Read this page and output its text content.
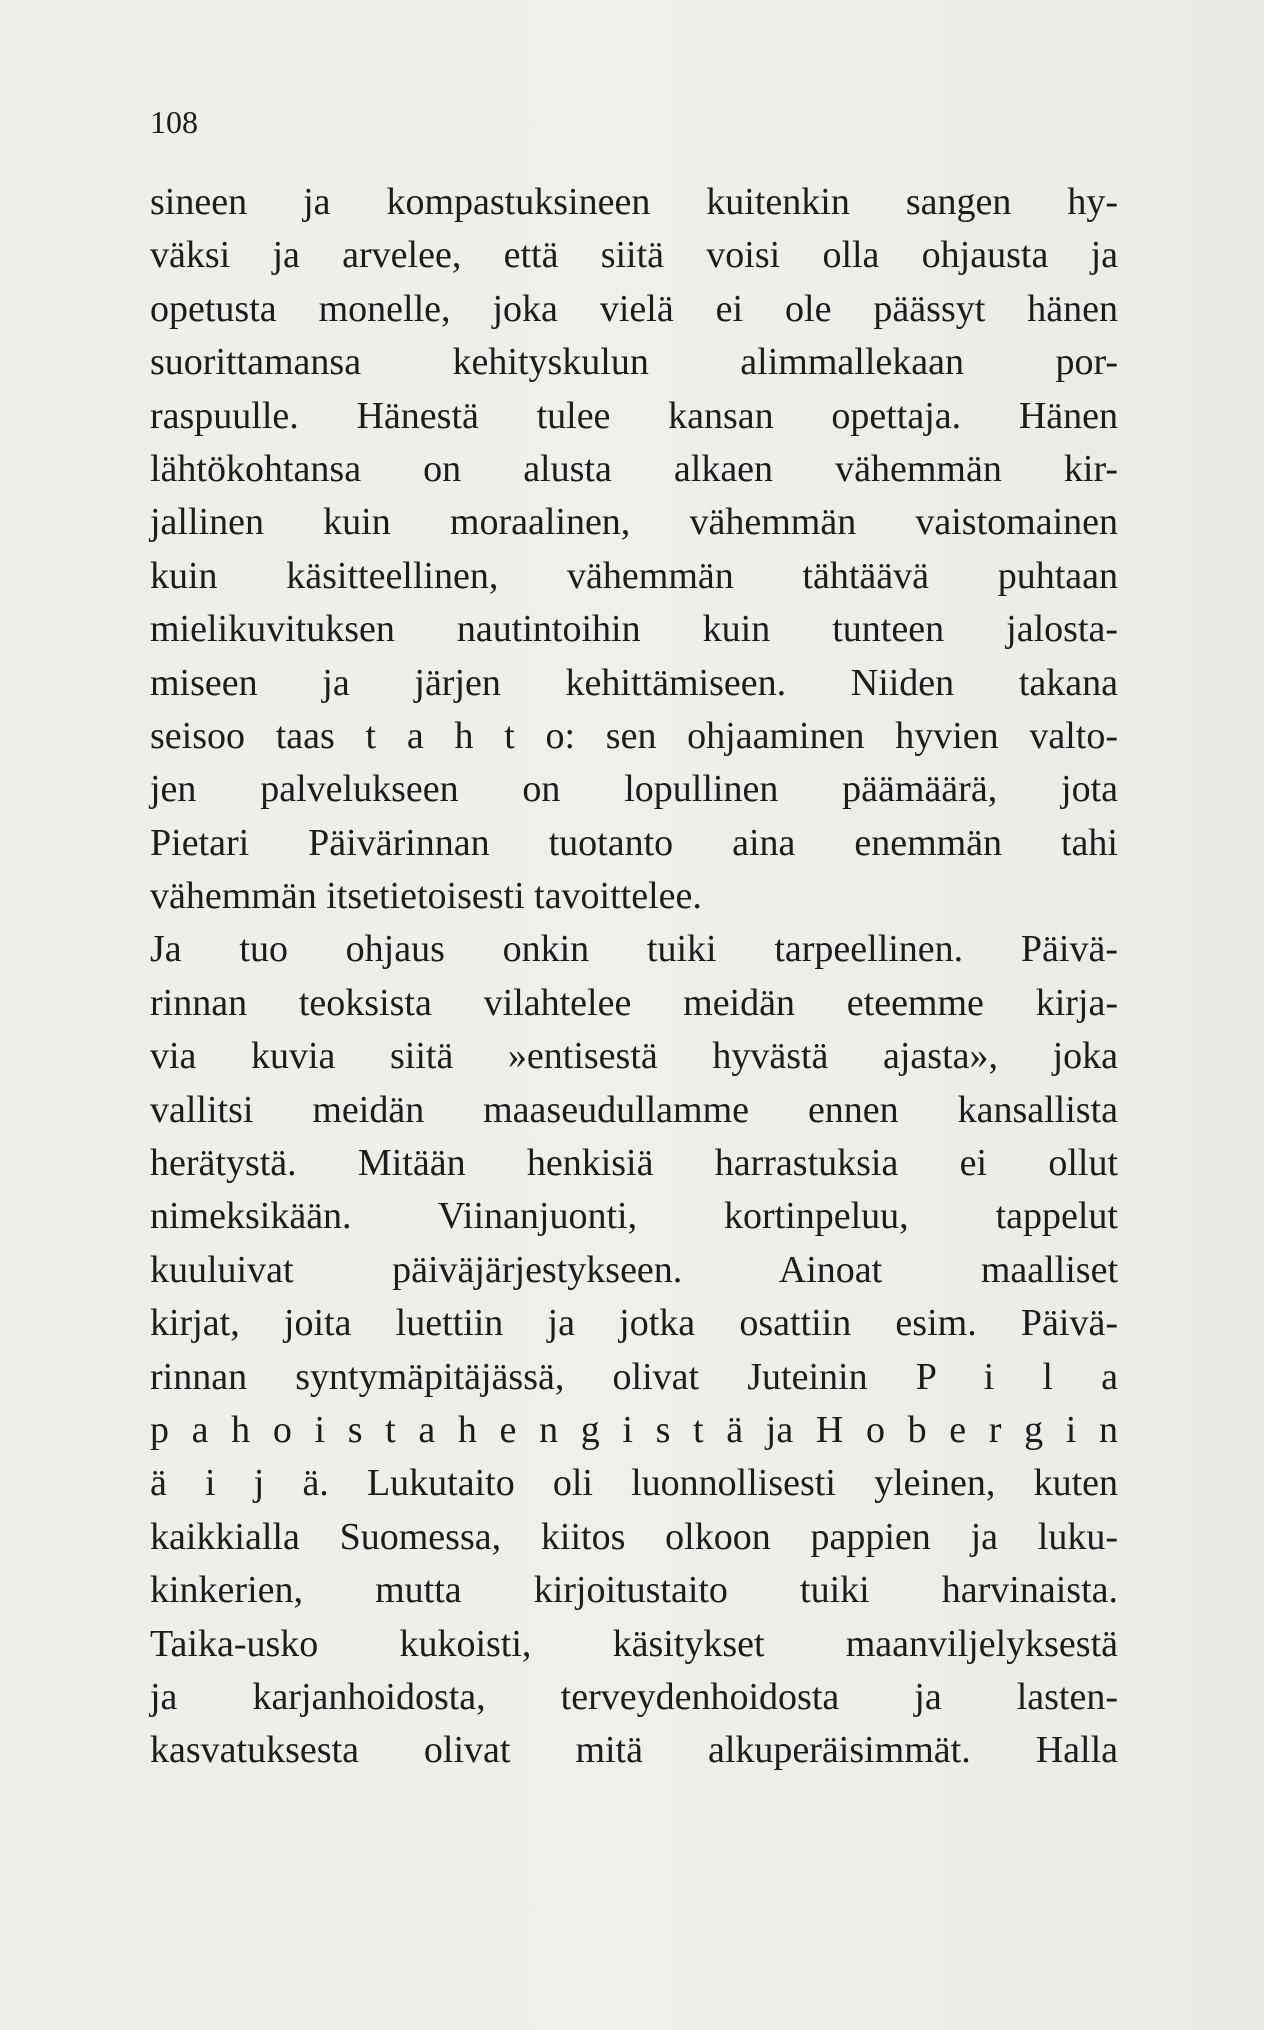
108
sineen ja kompastuksineen kuitenkin sangen hy-
väksi ja arvelee, että siitä voisi olla ohjausta ja
opetusta monelle, joka vielä ei ole päässyt hänen
suorittamansa kehityskulun alimmallekaan por-
raspuulle. Hänestä tulee kansan opettaja. Hänen
lähtökohtansa on alusta alkaen vähemmän kir-
jallinen kuin moraalinen, vähemmän vaistomainen
kuin käsitteellinen, vähemmän tähtäävä puhtaan
mielikuvituksen nautintoihin kuin tunteen jalosta-
miseen ja järjen kehittämiseen. Niiden takana
seisoo taas t a h t o: sen ohjaaminen hyvien valto-
jen palvelukseen on lopullinen päämäärä, jota
Pietari Päivärinnan tuotanto aina enemmän tahi
vähemmän itsetietoisesti tavoittelee.
Ja tuo ohjaus onkin tuiki tarpeellinen. Päivä-
rinnan teoksista vilahtelee meidän eteemme kirja-
via kuvia siitä »entisestä hyvästä ajasta», joka
vallitsi meidän maaseudullamme ennen kansallista
herätystä. Mitään henkisiä harrastuksia ei ollut
nimeksikään. Viinanjuonti, kortinpeluu, tappelut
kuuluivat päiväjärjestykseen. Ainoat maalliset
kirjat, joita luettiin ja jotka osattiin esim. Päivä-
rinnan syntymäpitäjässä, olivat Juteinin P i l a
p a h o i s t a h e n g i s t ä ja H o b e r g i n
ä i j ä. Lukutaito oli luonnollisesti yleinen, kuten
kaikkialla Suomessa, kiitos olkoon pappien ja luku-
kinkerien, mutta kirjoitustaito tuiki harvinaista.
Taika-usko kukoisti, käsitykset maanviljelyksestä
ja karjanhoidosta, terveydenhoidosta ja lasten-
kasvatuksesta olivat mitä alkuperäisimmät. Halla
